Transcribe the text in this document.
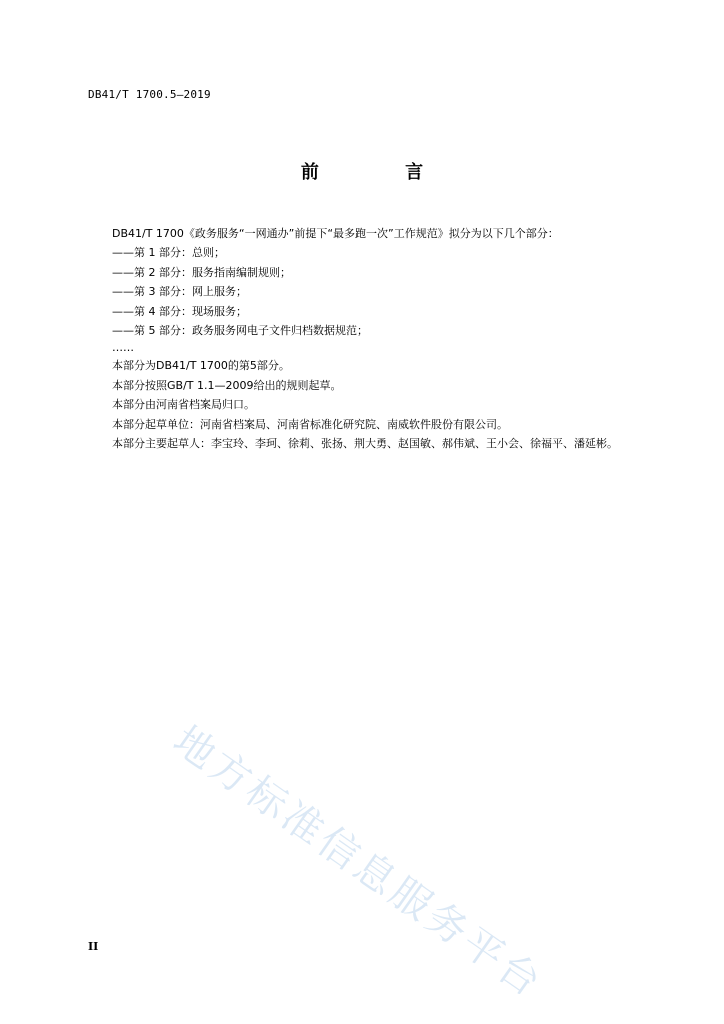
DB41/T 1700.5—2019
前 言

DB41/T 1700《政务服务“一网通办”前提下“最多跑一次”工作规范》拟分为以下几个部分：

——第 1 部分：总则；

——第 2 部分：服务指南编制规则；

——第 3 部分：网上服务；

——第 4 部分：现场服务；

——第 5 部分：政务服务网电子文件归档数据规范；

……

本部分为DB41/T 1700的第5部分。

本部分按照GB/T 1.1—2009给出的规则起草。

本部分由河南省档案局归口。

本部分起草单位：河南省档案局、河南省标准化研究院、南威软件股份有限公司。

本部分主要起草人：李宝玲、李珂、徐莉、张扬、荆大勇、赵国敏、郝伟斌、王小会、徐福平、潘延彬。

地方标准信息服务平台
II
